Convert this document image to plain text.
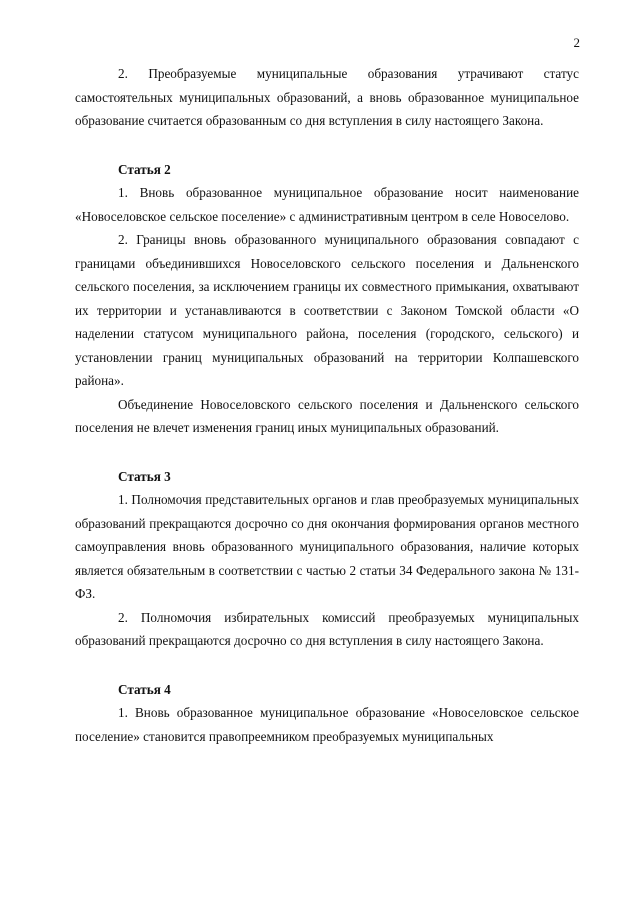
2

2. Преобразуемые муниципальные образования утрачивают статус самостоятельных муниципальных образований, а вновь образованное муниципальное образование считается образованным со дня вступления в силу настоящего Закона.

Статья 2

1. Вновь образованное муниципальное образование носит наименование «Новоселовское сельское поселение» с административным центром в селе Новоселово.

2. Границы вновь образованного муниципального образования совпадают с границами объединившихся Новоселовского сельского поселения и Дальненского сельского поселения, за исключением границы их совместного примыкания, охватывают их территории и устанавливаются в соответствии с Законом Томской области «О наделении статусом муниципального района, поселения (городского, сельского) и установлении границ муниципальных образований на территории Колпашевского района».

Объединение Новоселовского сельского поселения и Дальненского сельского поселения не влечет изменения границ иных муниципальных образований.

Статья 3

1. Полномочия представительных органов и глав преобразуемых муниципальных образований прекращаются досрочно со дня окончания формирования органов местного самоуправления вновь образованного муниципального образования, наличие которых является обязательным в соответствии с частью 2 статьи 34 Федерального закона № 131-ФЗ.

2. Полномочия избирательных комиссий преобразуемых муниципальных образований прекращаются досрочно со дня вступления в силу настоящего Закона.

Статья 4

1. Вновь образованное муниципальное образование «Новоселовское сельское поселение» становится правопреемником преобразуемых муниципальных
